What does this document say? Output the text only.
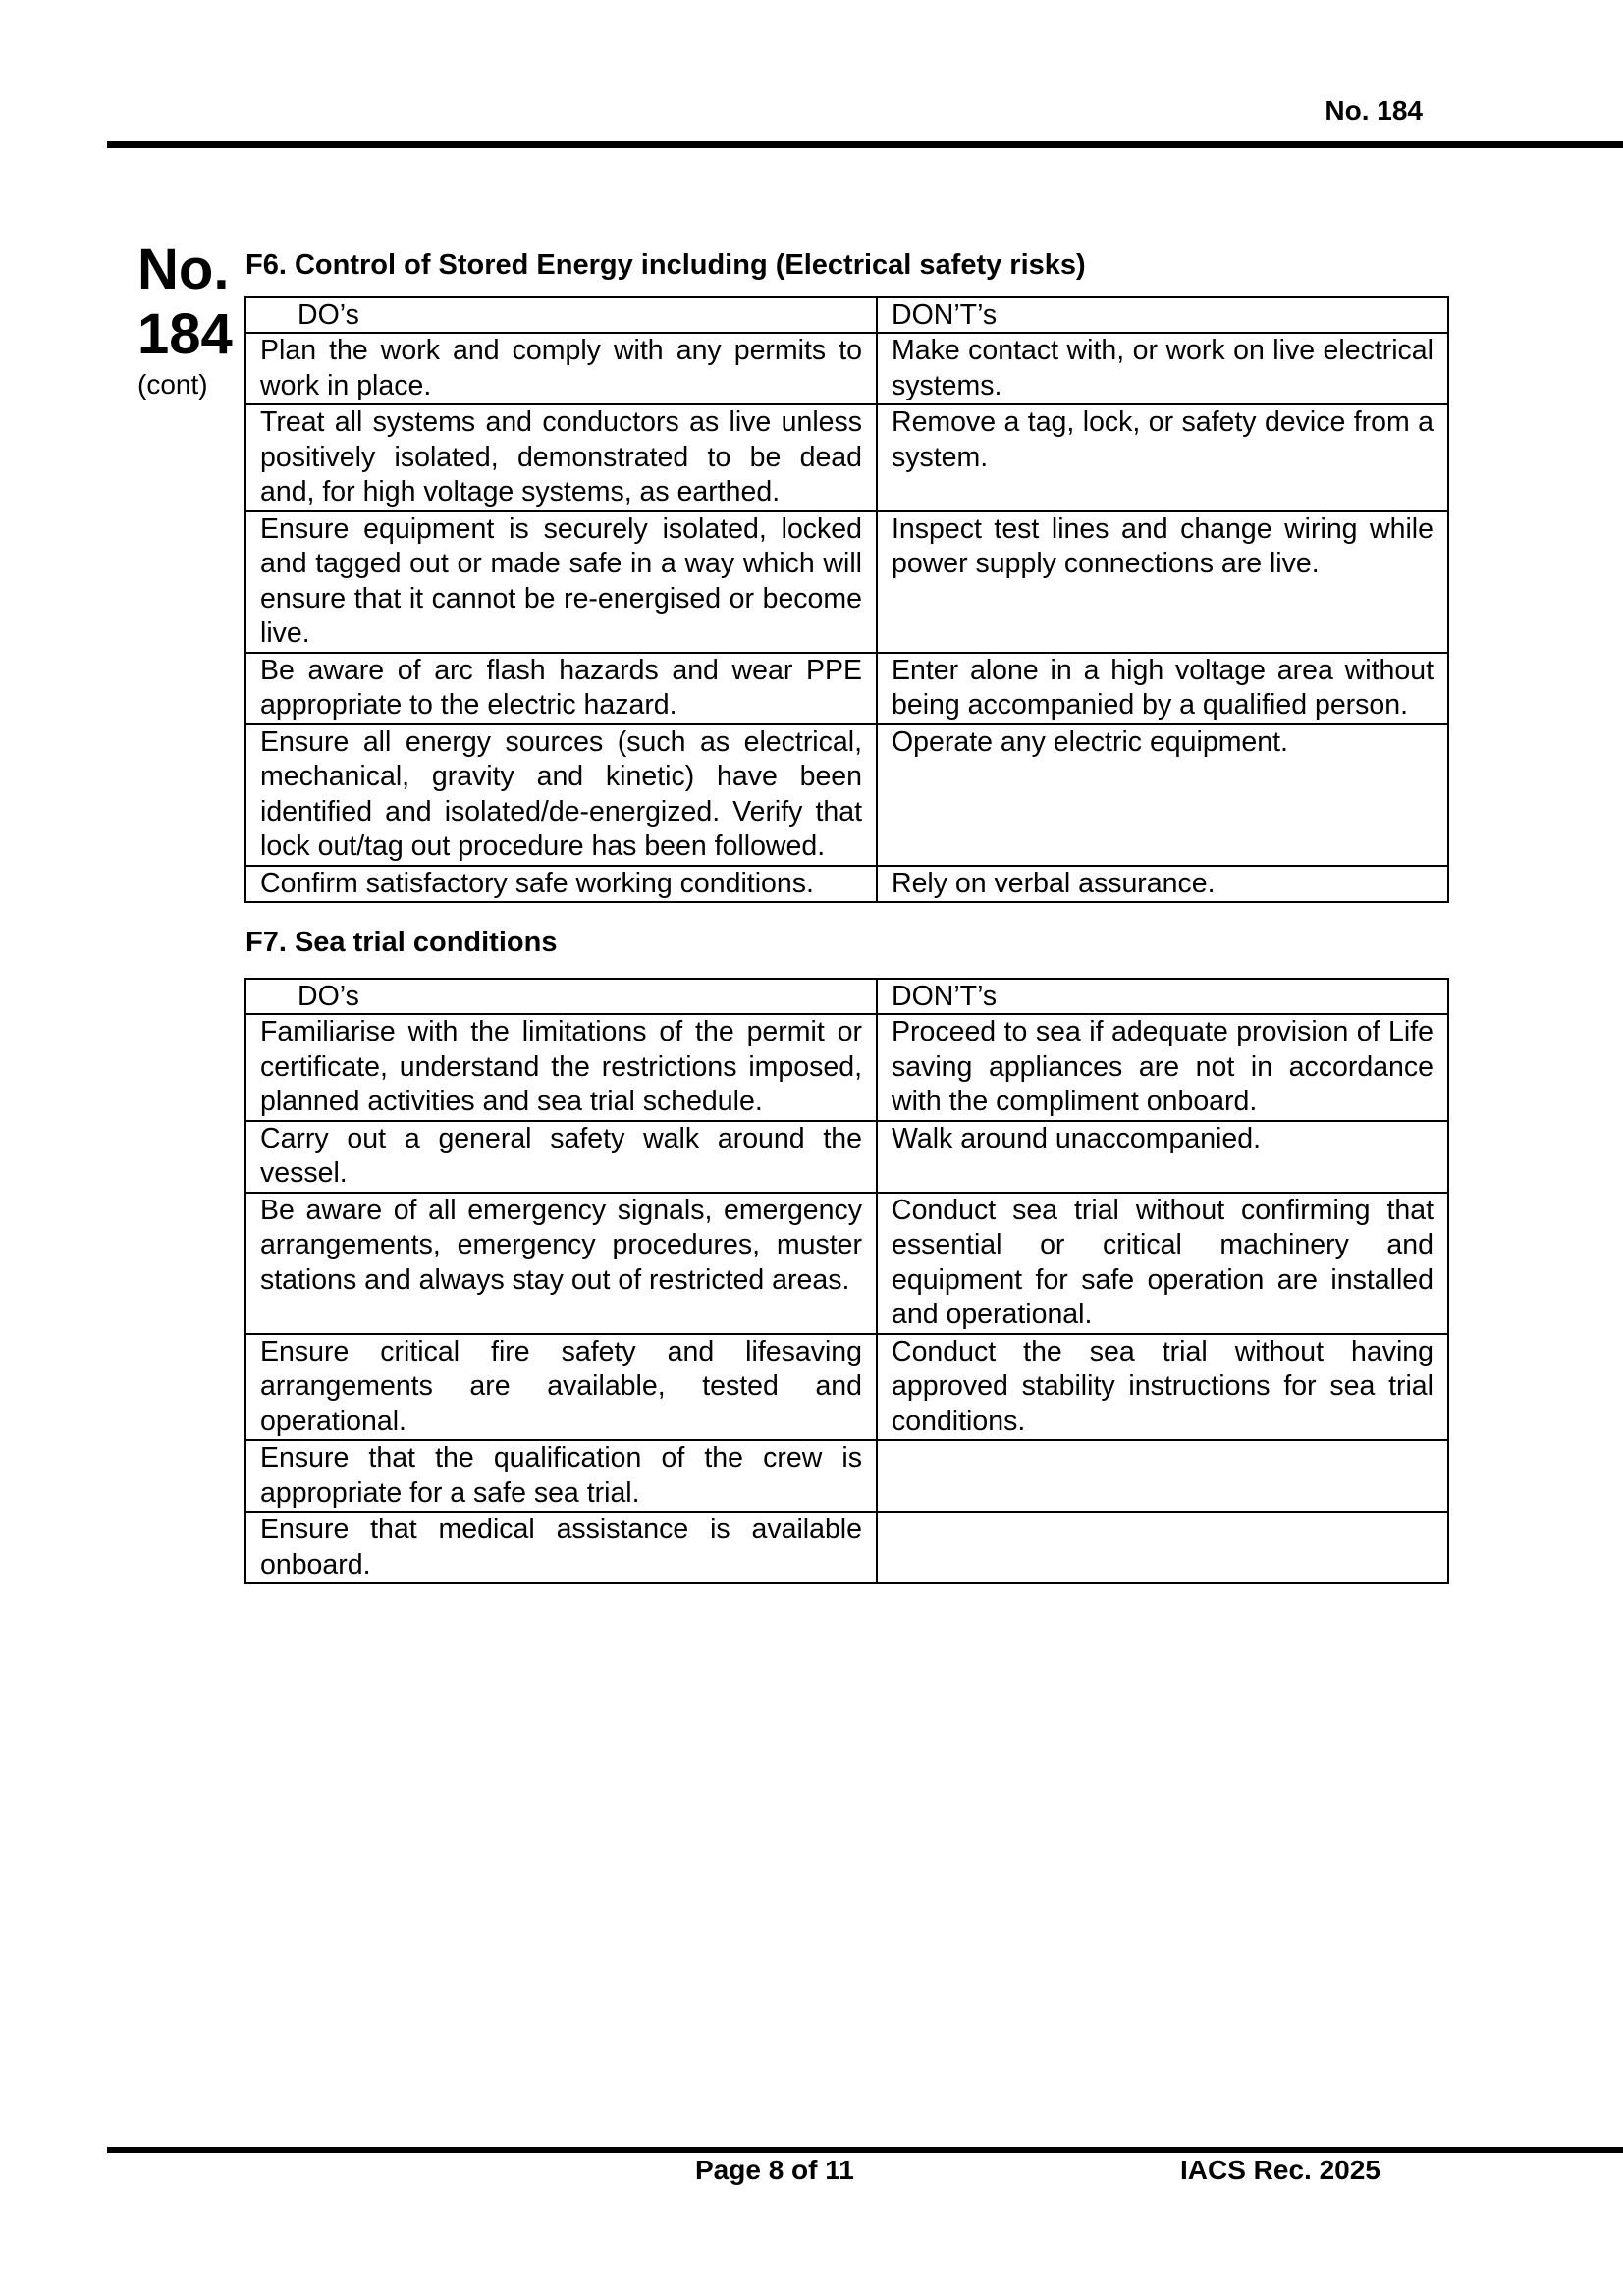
No. 184
No.
184
(cont)
F6. Control of Stored Energy including (Electrical safety risks)
DO’s	DON’T’s
Plan the work and comply with any permits to work in place.	Make contact with, or work on live electrical systems.
Treat all systems and conductors as live unless positively isolated, demonstrated to be dead and, for high voltage systems, as earthed.	Remove a tag, lock, or safety device from a system.
Ensure equipment is securely isolated, locked and tagged out or made safe in a way which will ensure that it cannot be re-energised or become live.	Inspect test lines and change wiring while power supply connections are live.
Be aware of arc flash hazards and wear PPE appropriate to the electric hazard.	Enter alone in a high voltage area without being accompanied by a qualified person.
Ensure all energy sources (such as electrical, mechanical, gravity and kinetic) have been identified and isolated/de-energized. Verify that lock out/tag out procedure has been followed.	Operate any electric equipment.
Confirm satisfactory safe working conditions.	Rely on verbal assurance.
F7. Sea trial conditions
DO’s	DON’T’s
Familiarise with the limitations of the permit or certificate, understand the restrictions imposed, planned activities and sea trial schedule.	Proceed to sea if adequate provision of Life saving appliances are not in accordance with the compliment onboard.
Carry out a general safety walk around the vessel.	Walk around unaccompanied.
Be aware of all emergency signals, emergency arrangements, emergency procedures, muster stations and always stay out of restricted areas.	Conduct sea trial without confirming that essential or critical machinery and equipment for safe operation are installed and operational.
Ensure critical fire safety and lifesaving arrangements are available, tested and operational.	Conduct the sea trial without having approved stability instructions for sea trial conditions.
Ensure that the qualification of the crew is appropriate for a safe sea trial.	
Ensure that medical assistance is available onboard.	
Page 8 of 11	IACS Rec. 2025
